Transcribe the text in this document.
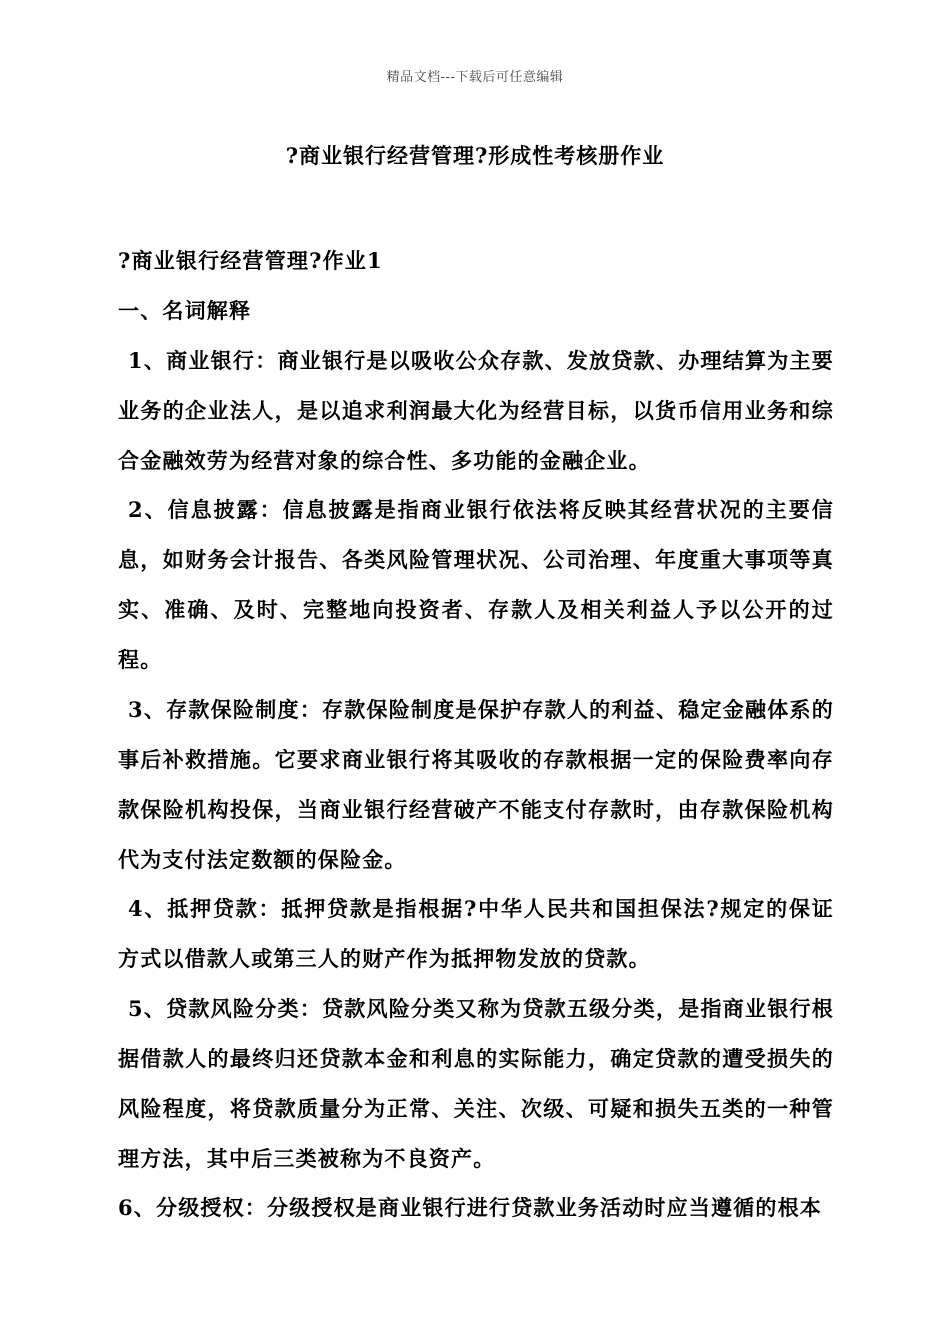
精品文档---下载后可任意编辑
?商业银行经营管理?形成性考核册作业
?商业银行经营管理?作业1
一、名词解释
1、商业银行：商业银行是以吸收公众存款、发放贷款、办理结算为主要业务的企业法人，是以追求利润最大化为经营目标，以货币信用业务和综合金融效劳为经营对象的综合性、多功能的金融企业。
2、信息披露：信息披露是指商业银行依法将反映其经营状况的主要信息，如财务会计报告、各类风险管理状况、公司治理、年度重大事项等真实、准确、及时、完整地向投资者、存款人及相关利益人予以公开的过程。
3、存款保险制度：存款保险制度是保护存款人的利益、稳定金融体系的事后补救措施。它要求商业银行将其吸收的存款根据一定的保险费率向存款保险机构投保，当商业银行经营破产不能支付存款时，由存款保险机构代为支付法定数额的保险金。
4、抵押贷款：抵押贷款是指根据?中华人民共和国担保法?规定的保证方式以借款人或第三人的财产作为抵押物发放的贷款。
5、贷款风险分类：贷款风险分类又称为贷款五级分类，是指商业银行根据借款人的最终归还贷款本金和利息的实际能力，确定贷款的遭受损失的风险程度，将贷款质量分为正常、关注、次级、可疑和损失五类的一种管理方法，其中后三类被称为不良资产。
6、分级授权：分级授权是商业银行进行贷款业务活动时应当遵循的根本
